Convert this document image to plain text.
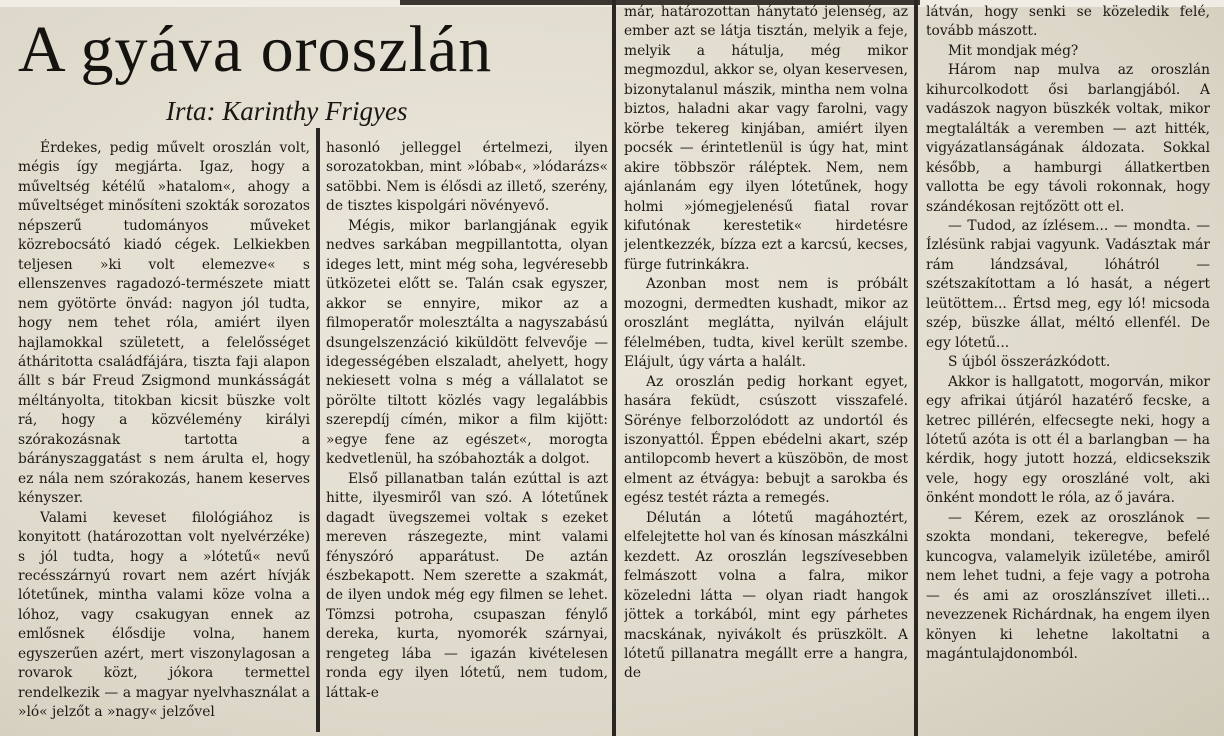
A gyáva oroszlán
Irta: Karinthy Frigyes

Érdekes, pedig művelt oroszlán volt, mégis így megjárta. Igaz, hogy a műveltség kétélű »hatalom«, ahogy a műveltséget minősíteni szokták sorozatos népszerű tudományos műveket közrebocsátó kiadó cégek. Lelkiekben teljesen »ki volt elemezve« s ellenszenves ragadozó-természete miatt nem gyötörte önvád: nagyon jól tudta, hogy nem tehet róla, amiért ilyen hajlamokkal született, a felelősséget átháritotta családfájára, tiszta faji alapon állt s bár Freud Zsigmond munkásságát méltányolta, titokban kicsit büszke volt rá, hogy a közvélemény királyi szórakozásnak tartotta a bárányszaggatást s nem árulta el, hogy ez nála nem szórakozás, hanem keserves kényszer.

Valami keveset filológiához is konyitott (határozottan volt nyelvérzéke) s jól tudta, hogy a »lótetű« nevű recésszárnyú rovart nem azért hívják lótetűnek, mintha valami köze volna a lóhoz, vagy csakugyan ennek az emlősnek élősdije volna, hanem egyszerűen azért, mert viszonylagosan a rovarok közt, jókora termettel rendelkezik — a magyar nyelvhasználat a »ló« jelzőt a »nagy« jelzővel

hasonló jelleggel értelmezi, ilyen sorozatokban, mint »lóbab«, »lódarázs« satöbbi. Nem is élősdi az illető, szerény, de tisztes kispolgári növényevő.

Mégis, mikor barlangjának egyik nedves sarkában megpillantotta, olyan ideges lett, mint még soha, legvéresebb ütközetei előtt se. Talán csak egyszer, akkor se ennyire, mikor az a filmoperatőr molesztálta a nagyszabású dsungelszenzáció kiküldött felvevője — idegességében elszaladt, ahelyett, hogy nekiesett volna s még a vállalatot se pörölte tiltott közlés vagy legalábbis szerepdíj címén, mikor a film kijött: »egye fene az egészet«, morogta kedvetlenül, ha szóbahozták a dolgot.

Első pillanatban talán ezúttal is azt hitte, ilyesmiről van szó. A lótetűnek dagadt üvegszemei voltak s ezeket mereven rászegezte, mint valami fényszóró apparátust. De aztán észbekapott. Nem szerette a szakmát, de ilyen undok még egy filmen se lehet. Tömzsi potroha, csupaszan fénylő dereka, kurta, nyomorék szárnyai, rengeteg lába — igazán kivételesen ronda egy ilyen lótetű, nem tudom, láttak-e

már, határozottan hánytató jelenség, az ember azt se látja tisztán, melyik a feje, melyik a hátulja, még mikor megmozdul, akkor se, olyan keservesen, bizonytalanul mászik, mintha nem volna biztos, haladni akar vagy farolni, vagy körbe tekereg kinjában, amiért ilyen pocsék — érintetlenül is úgy hat, mint akire többször ráléptek. Nem, nem ajánlanám egy ilyen lótetűnek, hogy holmi »jómegjelenésű fiatal rovar kifutónak kerestetik« hirdetésre jelentkezzék, bízza ezt a karcsú, kecses, fürge futrinkákra.

Azonban most nem is próbált mozogni, dermedten kushadt, mikor az oroszlánt meglátta, nyilván elájult félelmében, tudta, kivel került szembe. Elájult, úgy várta a halált.

Az oroszlán pedig horkant egyet, hasára feküdt, csúszott visszafelé. Sörénye felborzolódott az undortól és iszonyattól. Éppen ebédelni akart, szép antilopcomb hevert a küszöbön, de most elment az étvágya: bebujt a sarokba és egész testét rázta a remegés.

Délután a lótetű magáhoztért, elfelejtette hol van és kínosan mászkálni kezdett. Az oroszlán legszívesebben felmászott volna a falra, mikor közeledni látta — olyan riadt hangok jöttek a torkából, mint egy párhetes macskának, nyivákolt és prüszkölt. A lótetű pillanatra megállt erre a hangra, de

látván, hogy senki se közeledik felé, tovább mászott.

Mit mondjak még?

Három nap mulva az oroszlán kihurcolkodott ősi barlangjából. A vadászok nagyon büszkék voltak, mikor megtalálták a veremben — azt hitték, vigyázatlanságának áldozata. Sokkal később, a hamburgi állatkertben vallotta be egy távoli rokonnak, hogy szándékosan rejtőzött ott el.

— Tudod, az ízlésem... — mondta. — Ízlésünk rabjai vagyunk. Vadásztak már rám lándzsával, lóhátról — szétszakítottam a ló hasát, a négert leütöttem... Értsd meg, egy ló! micsoda szép, büszke állat, méltó ellenfél. De egy lótetű...

S újból összerázkódott.

Akkor is hallgatott, mogorván, mikor egy afrikai útjáról hazatérő fecske, a ketrec pillérén, elfecsegte neki, hogy a lótetű azóta is ott él a barlangban — ha kérdik, hogy jutott hozzá, eldicsekszik vele, hogy egy oroszláné volt, aki önként mondott le róla, az ő javára.

— Kérem, ezek az oroszlánok — szokta mondani, tekeregve, befelé kuncogva, valamelyik izületébe, amiről nem lehet tudni, a feje vagy a potroha — és ami az oroszlánszívet illeti... nevezzenek Richárdnak, ha engem ilyen könyen ki lehetne lakoltatni a magántulajdonomból.
